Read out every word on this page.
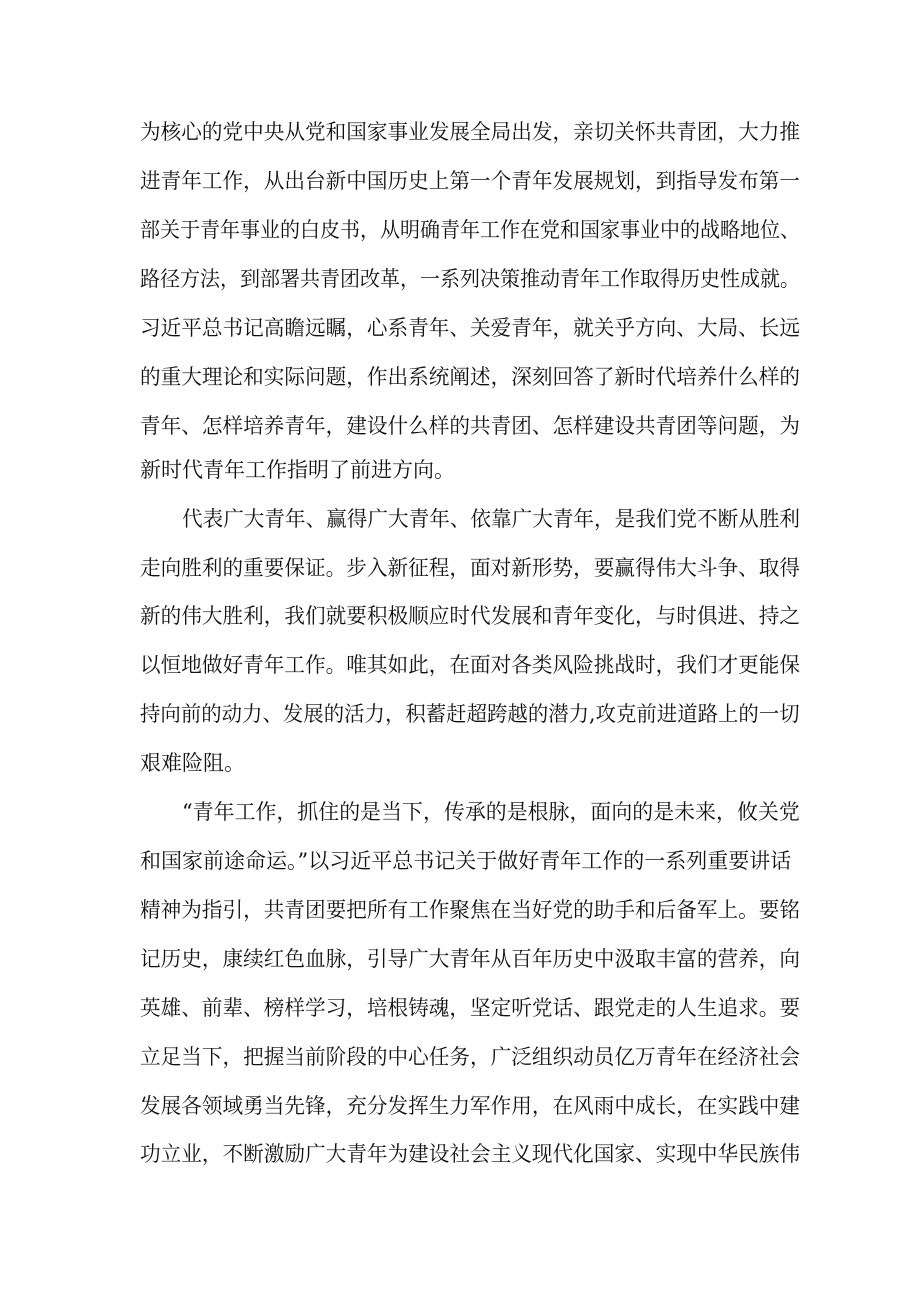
为核心的党中央从党和国家事业发展全局出发，亲切关怀共青团，大力推
进青年工作，从出台新中国历史上第一个青年发展规划，到指导发布第一
部关于青年事业的白皮书，从明确青年工作在党和国家事业中的战略地位、
路径方法，到部署共青团改革，一系列决策推动青年工作取得历史性成就。
习近平总书记高瞻远瞩，心系青年、关爱青年，就关乎方向、大局、长远
的重大理论和实际问题，作出系统阐述，深刻回答了新时代培养什么样的
青年、怎样培养青年，建设什么样的共青团、怎样建设共青团等问题，为
新时代青年工作指明了前进方向。
代表广大青年、赢得广大青年、依靠广大青年，是我们党不断从胜利
走向胜利的重要保证。步入新征程，面对新形势，要赢得伟大斗争、取得
新的伟大胜利，我们就要积极顺应时代发展和青年变化，与时俱进、持之
以恒地做好青年工作。唯其如此，在面对各类风险挑战时，我们才更能保
持向前的动力、发展的活力，积蓄赶超跨越的潜力,攻克前进道路上的一切
艰难险阻。
“青年工作，抓住的是当下，传承的是根脉，面向的是未来，攸关党
和国家前途命运。”以习近平总书记关于做好青年工作的一系列重要讲话
精神为指引，共青团要把所有工作聚焦在当好党的助手和后备军上。要铭
记历史，康续红色血脉，引导广大青年从百年历史中汲取丰富的营养，向
英雄、前辈、榜样学习，培根铸魂，坚定听党话、跟党走的人生追求。要
立足当下，把握当前阶段的中心任务，广泛组织动员亿万青年在经济社会
发展各领域勇当先锋，充分发挥生力军作用，在风雨中成长，在实践中建
功立业，不断激励广大青年为建设社会主义现代化国家、实现中华民族伟
